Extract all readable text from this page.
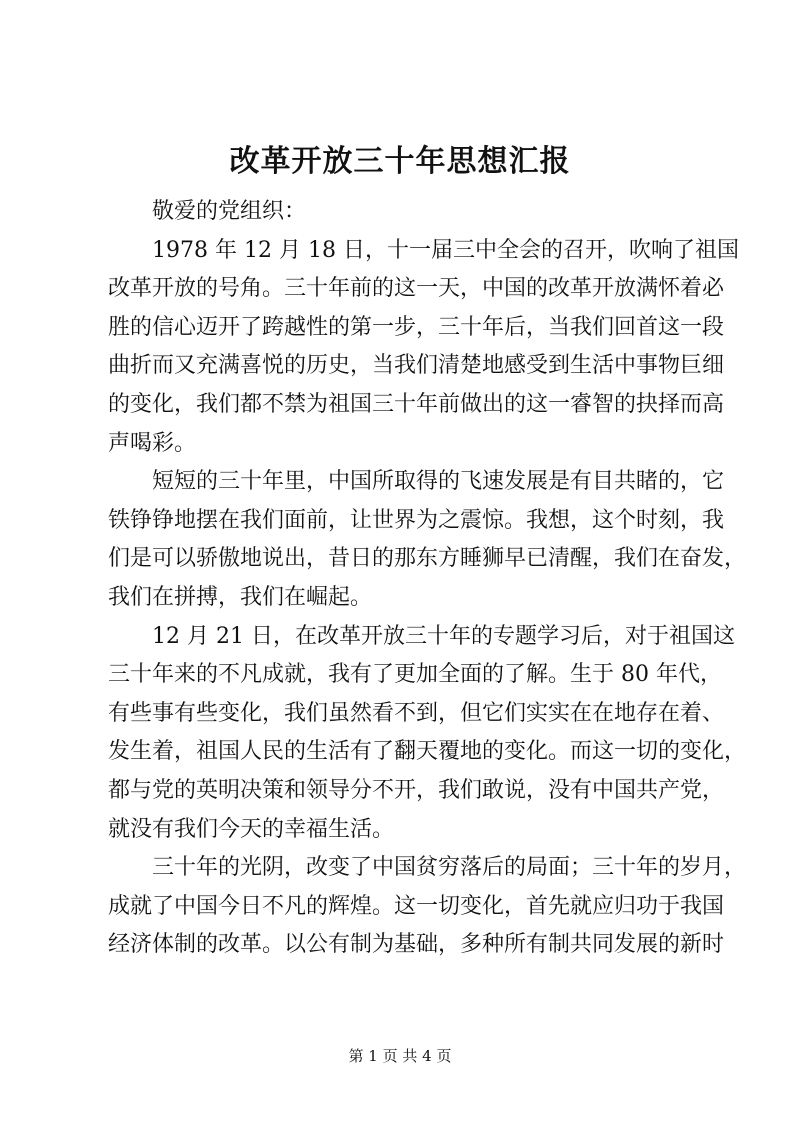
改革开放三十年思想汇报
敬爱的党组织：
1978 年 12 月 18 日，十一届三中全会的召开，吹响了祖国
改革开放的号角。三十年前的这一天，中国的改革开放满怀着必
胜的信心迈开了跨越性的第一步，三十年后，当我们回首这一段
曲折而又充满喜悦的历史，当我们清楚地感受到生活中事物巨细
的变化，我们都不禁为祖国三十年前做出的这一睿智的抉择而高
声喝彩。
短短的三十年里，中国所取得的飞速发展是有目共睹的，它
铁铮铮地摆在我们面前，让世界为之震惊。我想，这个时刻，我
们是可以骄傲地说出，昔日的那东方睡狮早已清醒，我们在奋发，
我们在拼搏，我们在崛起。
12 月 21 日，在改革开放三十年的专题学习后，对于祖国这
三十年来的不凡成就，我有了更加全面的了解。生于 80 年代，
有些事有些变化，我们虽然看不到，但它们实实在在地存在着、
发生着，祖国人民的生活有了翻天覆地的变化。而这一切的变化，
都与党的英明决策和领导分不开，我们敢说，没有中国共产党，
就没有我们今天的幸福生活。
三十年的光阴，改变了中国贫穷落后的局面；三十年的岁月，
成就了中国今日不凡的辉煌。这一切变化，首先就应归功于我国
经济体制的改革。以公有制为基础，多种所有制共同发展的新时
第 1 页 共 4 页
